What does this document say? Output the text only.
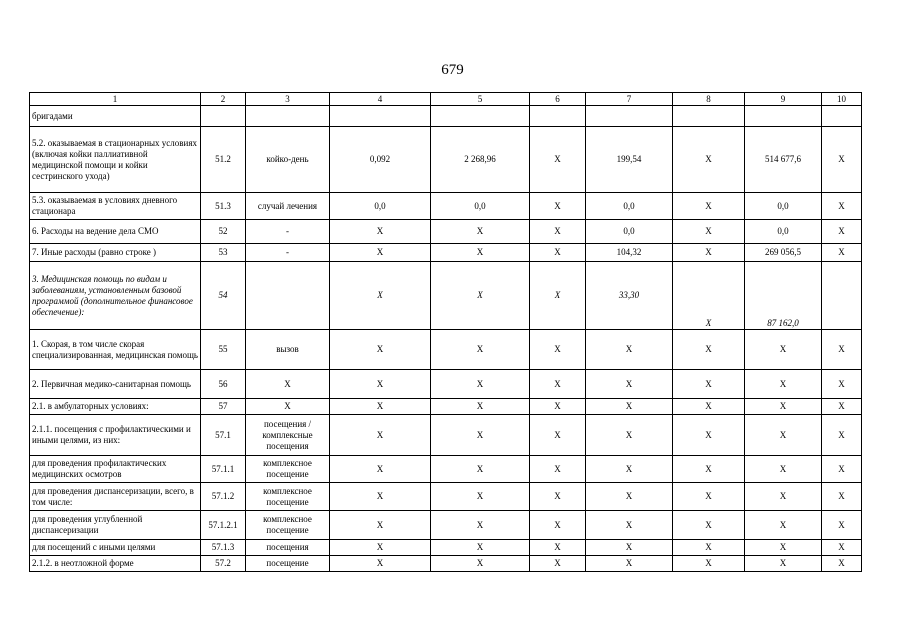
679
1	2	3	4	5	6	7	8	9	10
бригадами									
5.2. оказываемая в стационарных условиях (включая койки паллиативной медицинской помощи и койки сестринского ухода)	51.2	койко-день	0,092	2 268,96	Х	199,54	Х	514 677,6	Х
5.3. оказываемая в условиях дневного стационара	51.3	случай лечения	0,0	0,0	Х	0,0	Х	0,0	Х
6. Расходы на ведение дела СМО	52	-	Х	Х	Х	0,0	Х	0,0	Х
7. Иные расходы (равно строке )	53	-	Х	Х	Х	104,32	Х	269 056,5	Х
3. Медицинская помощь по видам и заболеваниям, установленным базовой программой (дополнительное финансовое обеспечение):	54		Х	Х	Х	33,30	Х	87 162,0	
1. Скорая, в том числе скорая специализированная, медицинская помощь	55	вызов	Х	Х	Х	Х	Х	Х	Х
2. Первичная медико-санитарная помощь	56	Х	Х	Х	Х	Х	Х	Х	Х
2.1. в амбулаторных условиях:	57	Х	Х	Х	Х	Х	Х	Х	Х
2.1.1. посещения с профилактическими и иными целями, из них:	57.1	посещения / комплексные посещения	Х	Х	Х	Х	Х	Х	Х
для проведения профилактических медицинских осмотров	57.1.1	комплексное посещение	Х	Х	Х	Х	Х	Х	Х
для проведения диспансеризации, всего, в том числе:	57.1.2	комплексное посещение	Х	Х	Х	Х	Х	Х	Х
для проведения углубленной диспансеризации	57.1.2.1	комплексное посещение	Х	Х	Х	Х	Х	Х	Х
для посещений с иными целями	57.1.3	посещения	Х	Х	Х	Х	Х	Х	Х
2.1.2. в неотложной форме	57.2	посещение	Х	Х	Х	Х	Х	Х	Х
